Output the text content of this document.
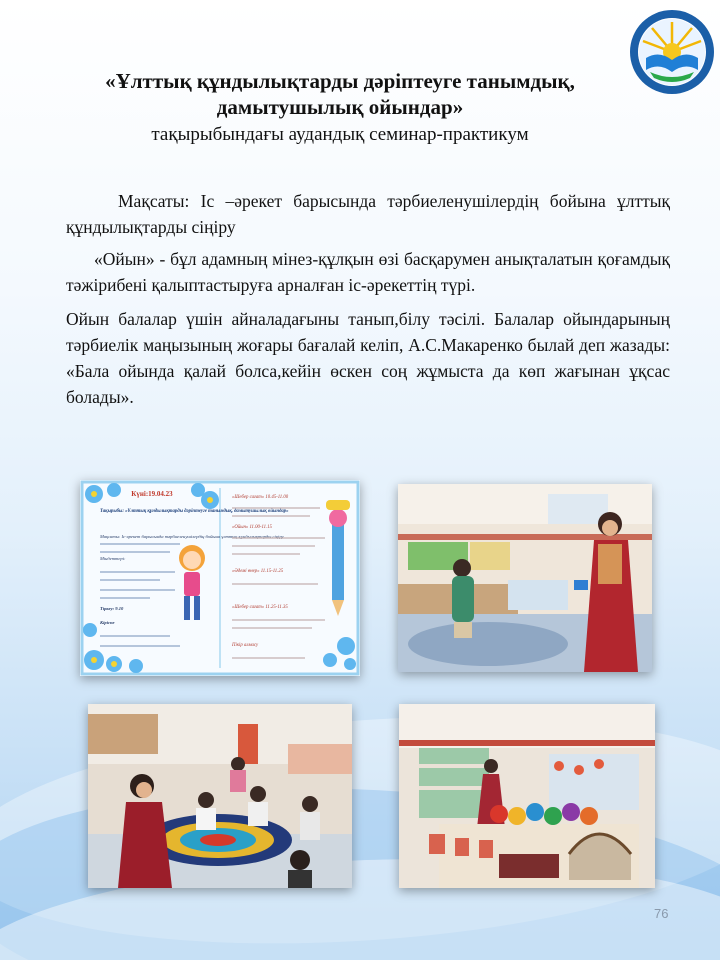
«Ұлттық құндылықтарды дәріптеуге танымдық,
дамытушылық ойындар»
тақырыбындағы аудандық семинар-практикум

Мақсаты: Іс –әрекет барысында тәрбиеленушілердің бойына ұлттық құндылықтарды сіңіру

«Ойын» - бұл адамның мінез-құлқын өзі басқарумен анықталатын қоғамдық тәжірибені қалыптастыруға арналған іс-әрекеттің түрі.

Ойын балалар үшін айналадағыны танып,білу тәсілі. Балалар ойындарының тәрбиелік маңызының жоғары бағалай келіп, А.С.Макаренко былай деп жазады: «Бала ойында қалай болса,кейін өскен соң жұмыста да көп жағынан ұқсас болады».

Күні:19.04.23
Тақырыбы: «Ұлттық құндылықтарды дәріптеуге танымдық, дамытушылық ойындар»
Мақсаты: Іс-әрекет барысында тәрбиеленушілердің бойына ұлттық құндылықтарды сіңіру.
Міндеттері:
Тіркеу: 9.10
Кіріспе
«Шебер сағат» 10.45-11.00
«Ойын» 11.00-11.15
«Әдемі өнер» 11.15-11.25
«Шебер сағат» 11.25-11.35
Пікір алмасу
76
